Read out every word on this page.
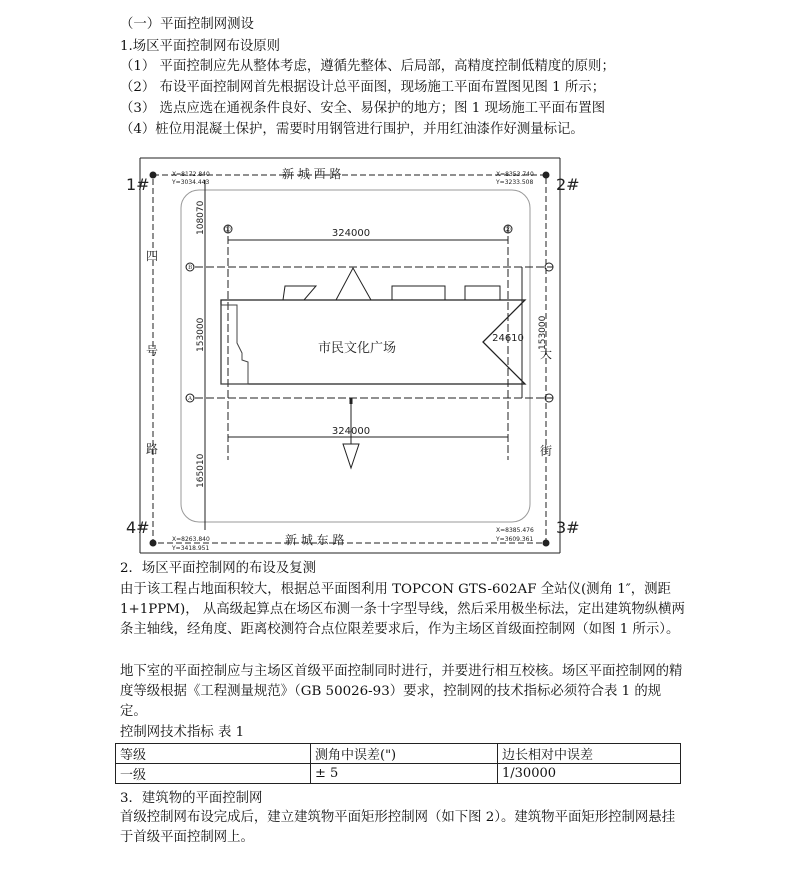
（一）平面控制网测设
1.场区平面控制网布设原则
（1） 平面控制应先从整体考虑，遵循先整体、后局部，高精度控制低精度的原则；
（2） 布设平面控制网首先根据设计总平面图，现场施工平面布置图见图 1 所示；
（3） 选点应选在通视条件良好、安全、易保护的地方；图 1 现场施工平面布置图
（4）桩位用混凝土保护，需要时用钢管进行围护，并用红油漆作好测量标记。
新 城 西 路
新 城 东 路
四
号
路
大
街
1#	2#
4#	3#
X=8172.840
Y=3034.443
X=8353.740
Y=3233.508
X=8263.840
Y=3418.951
X=8385.476
Y=3609.361
324000
324000
24610
108070
153000
165010
153000
市民文化广场
①	②
Ⓑ
Ⓐ
2．场区平面控制网的布设及复测
由于该工程占地面积较大，根据总平面图利用 TOPCON GTS-602AF 全站仪(测角 1″，测距 1+1PPM)， 从高级起算点在场区布测一条十字型导线，然后采用极坐标法，定出建筑物纵横两条主轴线，经角度、距离校测符合点位限差要求后，作为主场区首级面控制网（如图 1 所示）。
地下室的平面控制应与主场区首级平面控制同时进行，并要进行相互校核。场区平面控制网的精度等级根据《工程测量规范》（GB 50026-93）要求，控制网的技术指标必须符合表 1 的规定。
控制网技术指标 表 1
等级	测角中误差(")	边长相对中误差
一级	± 5	1/30000
3．建筑物的平面控制网
首级控制网布设完成后，建立建筑物平面矩形控制网（如下图 2）。建筑物平面矩形控制网悬挂于首级平面控制网上。
